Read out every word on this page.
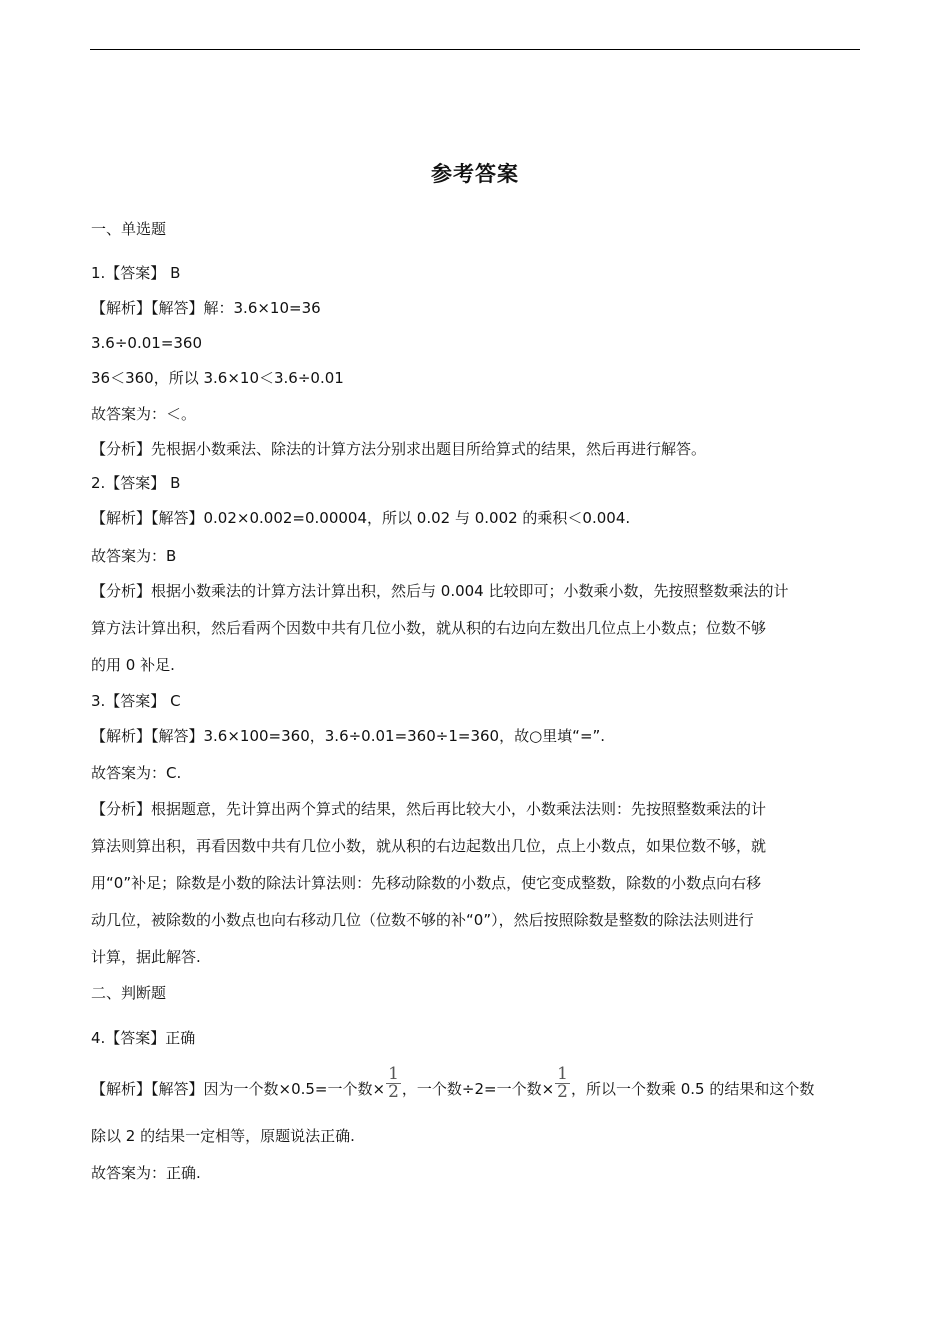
参考答案
一、单选题
1.【答案】 B
【解析】【解答】解：3.6×10=36
3.6÷0.01=360
36＜360，所以 3.6×10＜3.6÷0.01
故答案为：＜。
【分析】先根据小数乘法、除法的计算方法分别求出题目所给算式的结果，然后再进行解答。
2.【答案】 B
【解析】【解答】0.02×0.002=0.00004，所以 0.02 与 0.002 的乘积＜0.004.
故答案为：B
【分析】根据小数乘法的计算方法计算出积，然后与 0.004 比较即可；小数乘小数，先按照整数乘法的计
算方法计算出积，然后看两个因数中共有几位小数，就从积的右边向左数出几位点上小数点；位数不够
的用 0 补足.
3.【答案】 C
【解析】【解答】3.6×100=360，3.6÷0.01=360÷1=360，故○里填“=”.
故答案为：C.
【分析】根据题意，先计算出两个算式的结果，然后再比较大小，小数乘法法则：先按照整数乘法的计
算法则算出积，再看因数中共有几位小数，就从积的右边起数出几位，点上小数点，如果位数不够，就
用“0”补足；除数是小数的除法计算法则：先移动除数的小数点，使它变成整数，除数的小数点向右移
动几位，被除数的小数点也向右移动几位（位数不够的补“0”），然后按照除数是整数的除法法则进行
计算，据此解答.
二、判断题
4.【答案】正确
【解析】【解答】因为一个数×0.5=一个数× $\frac{1}{2}$ ，一个数÷2=一个数× $\frac{1}{2}$ ，所以一个数乘 0.5 的结果和这个数
除以 2 的结果一定相等，原题说法正确.
故答案为：正确.
